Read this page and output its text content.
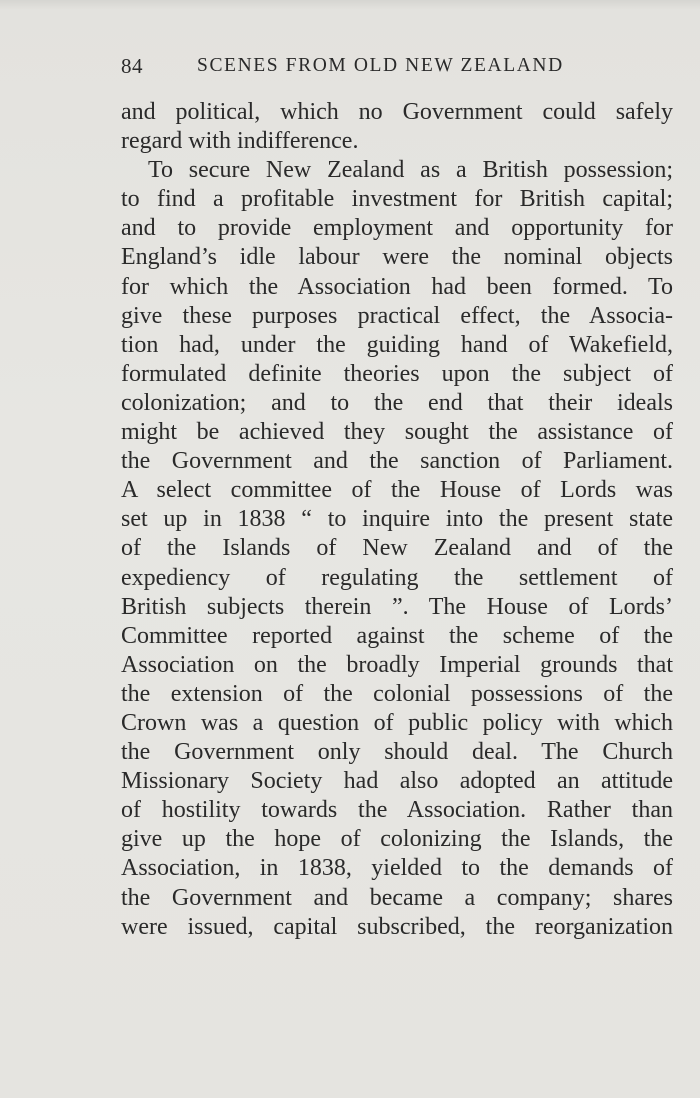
84	SCENES FROM OLD NEW ZEALAND
and political, which no Government could safely
regard with indifference.
To secure New Zealand as a British possession;
to find a profitable investment for British capital;
and to provide employment and opportunity for
England’s idle labour were the nominal objects
for which the Association had been formed. To
give these purposes practical effect, the Associa-
tion had, under the guiding hand of Wakefield,
formulated definite theories upon the subject of
colonization; and to the end that their ideals
might be achieved they sought the assistance of
the Government and the sanction of Parliament.
A select committee of the House of Lords was
set up in 1838 “ to inquire into the present state
of the Islands of New Zealand and of the
expediency of regulating the settlement of
British subjects therein ”. The House of Lords’
Committee reported against the scheme of the
Association on the broadly Imperial grounds that
the extension of the colonial possessions of the
Crown was a question of public policy with which
the Government only should deal. The Church
Missionary Society had also adopted an attitude
of hostility towards the Association. Rather than
give up the hope of colonizing the Islands, the
Association, in 1838, yielded to the demands of
the Government and became a company; shares
were issued, capital subscribed, the reorganization
